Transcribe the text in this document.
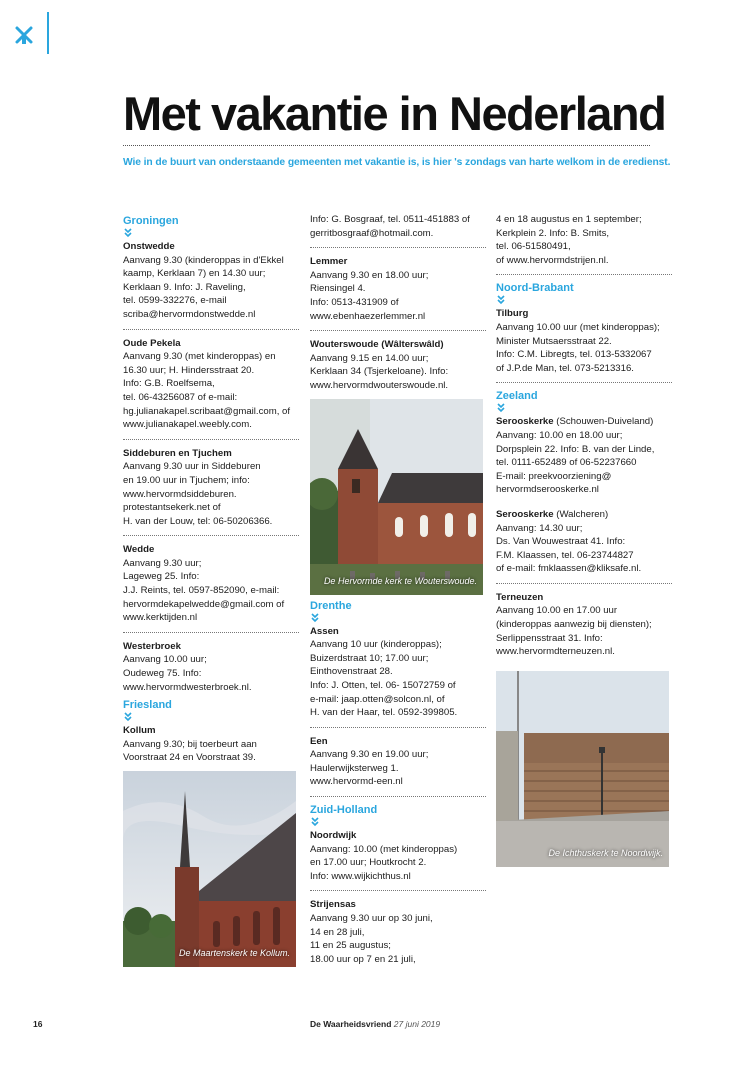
Met vakantie in Nederland
Wie in de buurt van onderstaande gemeenten met vakantie is, is hier 's zondags van harte welkom in de eredienst.
Groningen
Onstwedde
Aanvang 9.30 (kinderoppas in d'Ekkel
kaamp, Kerklaan 7) en 14.30 uur;
Kerklaan 9. Info: J. Raveling,
tel. 0599-332276, e-mail
scriba@hervormdonstwedde.nl
Oude Pekela
Aanvang 9.30 (met kinderoppas) en
16.30 uur; H. Hindersstraat 20.
Info: G.B. Roelfsema,
tel. 06-43256087 of e-mail:
hg.julianakapel.scribaat@gmail.com, of
www.julianakapel.weebly.com.
Siddeburen en Tjuchem
Aanvang 9.30 uur in Siddeburen
en 19.00 uur in Tjuchem; info:
www.hervormdsiddeburen.
protestantsekerk.net of
H. van der Louw, tel: 06-50206366.
Wedde
Aanvang 9.30 uur;
Lageweg 25. Info:
J.J. Reints, tel. 0597-852090, e-mail:
hervormdekapelwedde@gmail.com of
www.kerktijden.nl
Westerbroek
Aanvang 10.00 uur;
Oudeweg 75. Info:
www.hervormdwesterbroek.nl.
Friesland
Kollum
Aanvang 9.30; bij toerbeurt aan
Voorstraat 24 en Voorstraat 39.
De Maartenskerk te Kollum.
Info: G. Bosgraaf, tel. 0511-451883 of
gerritbosgraaf@hotmail.com.
Lemmer
Aanvang 9.30 en 18.00 uur;
Riensingel 4.
Info: 0513-431909 of
www.ebenhaezerlemmer.nl
Wouterswoude (Wâlterswâld)
Aanvang 9.15 en 14.00 uur;
Kerklaan 34 (Tsjerkeloane). Info:
www.hervormdwouterswoude.nl.
De Hervormde kerk te Wouterswoude.
Drenthe
Assen
Aanvang 10 uur (kinderoppas);
Buizerdstraat 10; 17.00 uur;
Einthovenstraat 28.
Info: J. Otten, tel. 06- 15072759 of
e-mail: jaap.otten@solcon.nl, of
H. van der Haar, tel. 0592-399805.
Een
Aanvang 9.30 en 19.00 uur;
Haulerwijksterweg 1.
www.hervormd-een.nl
Zuid-Holland
Noordwijk
Aanvang: 10.00 (met kinderoppas)
en 17.00 uur; Houtkrocht 2.
Info: www.wijkichthus.nl
Strijensas
Aanvang 9.30 uur op 30 juni,
14 en 28 juli,
11 en 25 augustus;
18.00 uur op 7 en 21 juli,
4 en 18 augustus en 1 september;
Kerkplein 2. Info: B. Smits,
tel. 06-51580491,
of www.hervormdstrijen.nl.
Noord-Brabant
Tilburg
Aanvang 10.00 uur (met kinderoppas);
Minister Mutsaersstraat 22.
Info: C.M. Libregts, tel. 013-5332067
of J.P.de Man, tel. 073-5213316.
Zeeland
Serooskerke (Schouwen-Duiveland)
Aanvang: 10.00 en 18.00 uur;
Dorpsplein 22. Info: B. van der Linde,
tel. 0111-652489 of 06-52237660
E-mail: preekvoorziening@
hervormdserooskerke.nl
Serooskerke (Walcheren)
Aanvang: 14.30 uur;
Ds. Van Wouwestraat 41. Info:
F.M. Klaassen, tel. 06-23744827
of e-mail: fmklaassen@kliksafe.nl.
Terneuzen
Aanvang 10.00 en 17.00 uur
(kinderoppas aanwezig bij diensten);
Serlippensstraat 31. Info:
www.hervormdterneuzen.nl.
De Ichthuskerk te Noordwijk.
16	De Waarheidsvriend 27 juni 2019
